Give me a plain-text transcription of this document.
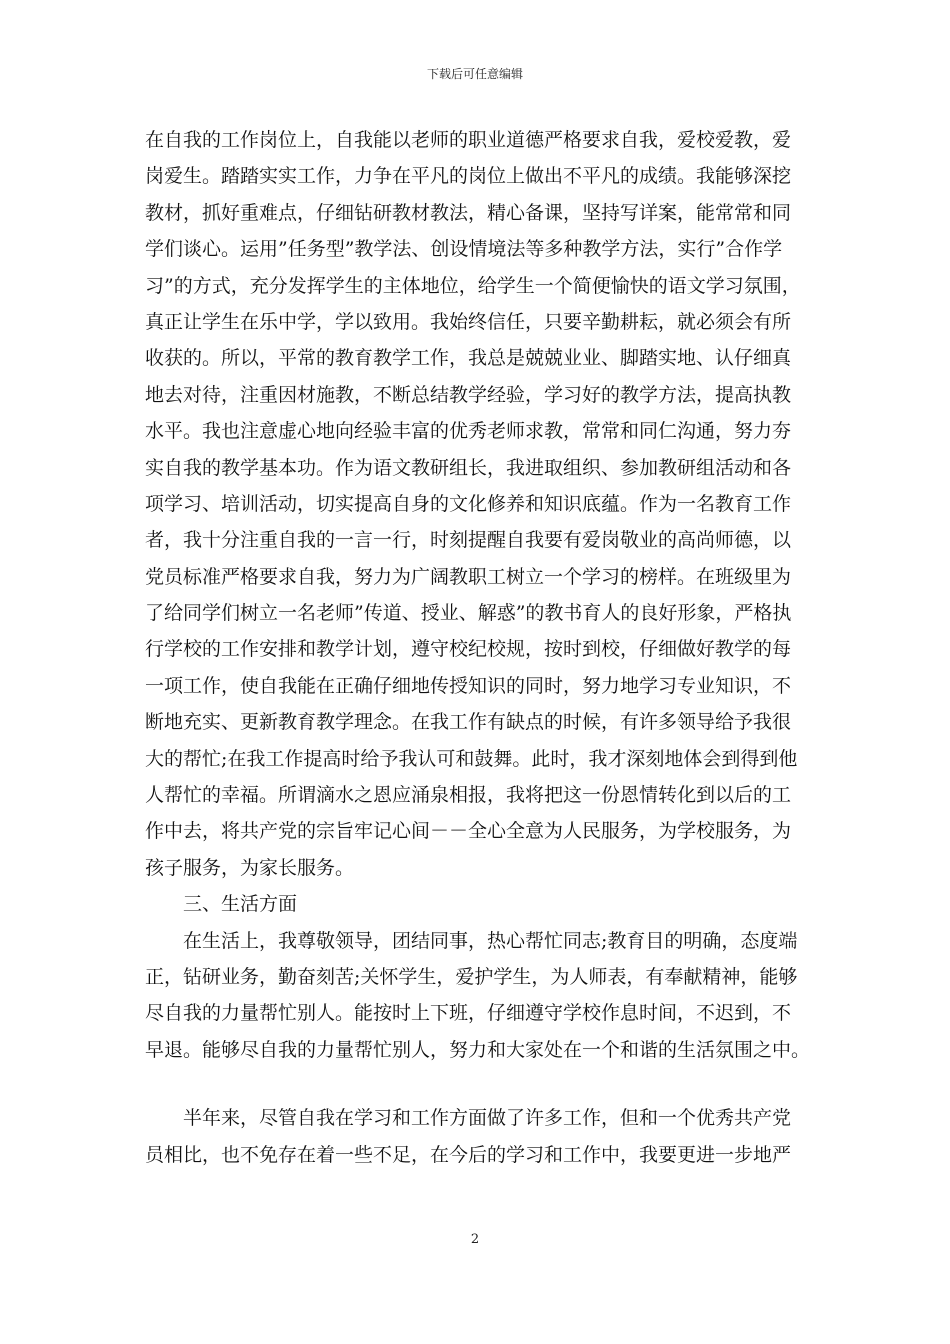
下载后可任意编辑
在自我的工作岗位上，自我能以老师的职业道德严格要求自我，爱校爱教，爱
岗爱生。踏踏实实工作，力争在平凡的岗位上做出不平凡的成绩。我能够深挖
教材，抓好重难点，仔细钻研教材教法，精心备课，坚持写详案，能常常和同
学们谈心。运用”任务型”教学法、创设情境法等多种教学方法，实行”合作学
习”的方式，充分发挥学生的主体地位，给学生一个简便愉快的语文学习氛围，
真正让学生在乐中学，学以致用。我始终信任，只要辛勤耕耘，就必须会有所
收获的。所以，平常的教育教学工作，我总是兢兢业业、脚踏实地、认仔细真
地去对待，注重因材施教，不断总结教学经验，学习好的教学方法，提高执教
水平。我也注意虚心地向经验丰富的优秀老师求教，常常和同仁沟通，努力夯
实自我的教学基本功。作为语文教研组长，我进取组织、参加教研组活动和各
项学习、培训活动，切实提高自身的文化修养和知识底蕴。作为一名教育工作
者，我十分注重自我的一言一行，时刻提醒自我要有爱岗敬业的高尚师德，以
党员标准严格要求自我，努力为广阔教职工树立一个学习的榜样。在班级里为
了给同学们树立一名老师”传道、授业、解惑”的教书育人的良好形象，严格执
行学校的工作安排和教学计划，遵守校纪校规，按时到校，仔细做好教学的每
一项工作，使自我能在正确仔细地传授知识的同时，努力地学习专业知识，不
断地充实、更新教育教学理念。在我工作有缺点的时候，有许多领导给予我很
大的帮忙;在我工作提高时给予我认可和鼓舞。此时，我才深刻地体会到得到他
人帮忙的幸福。所谓滴水之恩应涌泉相报，我将把这一份恩情转化到以后的工
作中去，将共产党的宗旨牢记心间－－全心全意为人民服务，为学校服务，为
孩子服务，为家长服务。
　　三、生活方面
　　在生活上，我尊敬领导，团结同事，热心帮忙同志;教育目的明确，态度端
正，钻研业务，勤奋刻苦;关怀学生，爱护学生，为人师表，有奉献精神，能够
尽自我的力量帮忙别人。能按时上下班，仔细遵守学校作息时间，不迟到，不
早退。能够尽自我的力量帮忙别人，努力和大家处在一个和谐的生活氛围之中。
　　半年来，尽管自我在学习和工作方面做了许多工作，但和一个优秀共产党
员相比，也不免存在着一些不足，在今后的学习和工作中，我要更进一步地严
2
